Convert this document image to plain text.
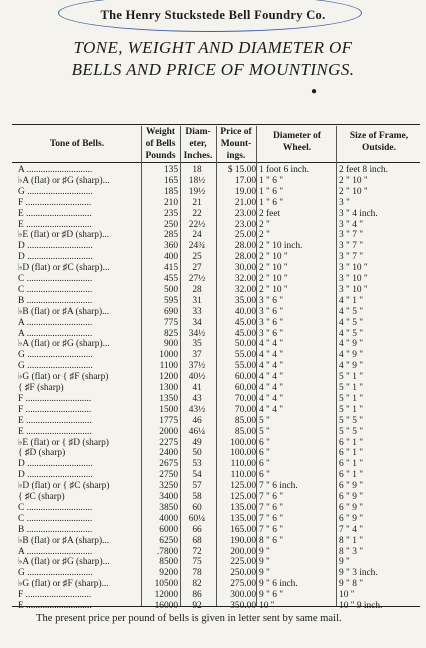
The Henry Stuckstede Bell Foundry Co.
TONE, WEIGHT AND DIAMETER OF
BELLS AND PRICE OF MOUNTINGS.
●
Tone of Bells.
Weight of Bells Pounds
Diam- eter, Inches.
Price of Mount- ings.
Diameter of Wheel.
Size of Frame, Outside.
A ............................	135	18	$ 15.00 1 foot 6 inch.	2 feet 8 inch.
♭A (flat) or ♯G (sharp)...	165	18½	17.00 1 " 6 "	2 " 10 "
G ............................	185	19½	19.00 1 " 6 "	2 " 10 "
F ............................	210	21	21.00 1 " 6 "	3 "
E ............................	235	22	23.00 2 feet	3 " 4 inch.
E ............................	250	22½	23.00 2 "	3 " 4 "
♭E (flat) or ♯D (sharp)...	285	24	25.00 2 "	3 " 7 "
D ............................	360	24¾	28.00 2 " 10 inch.	3 " 7 "
D ............................	400	25	28.00 2 " 10 "	3 " 7 "
♭D (flat) or ♯C (sharp)...	415	27	30.00 2 " 10 "	3 " 10 "
C ............................	455	27½	32.00 2 " 10 "	3 " 10 "
C ............................	500	28	32.00 2 " 10 "	3 " 10 "
B ............................	595	31	35.00 3 " 6 "	4 " 1 "
♭B (flat) or ♯A (sharp)...	690	33	40.00 3 " 6 "	4 " 5 "
A ............................	775	34	45.00 3 " 6 "	4 " 5 "
A ............................	825	34½	45.00 3 " 6 "	4 " 5 "
♭A (flat) or ♯G (sharp)...	900	35	50.00 4 " 4 "	4 " 9 "
G ............................	1000	37	55.00 4 " 4 "	4 " 9 "
G ............................	1100	37½	55.00 4 " 4 "	4 " 9 "
♭G (flat) or { ♯F (sharp)	1200	40½	60.00 4 " 4 "	5 " 1 "
{ ♯F (sharp)	1300	41	60.00 4 " 4 "	5 " 1 "
F ............................	1350	43	70.00 4 " 4 "	5 " 1 "
F ............................	1500	43½	70.00 4 " 4 "	5 " 1 "
E ............................	1775	46	85.00 5 "	5 " 5 "
E ............................	2000	46¼	85.00 5 "	5 " 5 "
♭E (flat) or { ♯D (sharp)	2275	49	100.00 6 "	6 " 1 "
{ ♯D (sharp)	2400	50	100.00 6 "	6 " 1 "
D ............................	2675	53	110.00 6 "	6 " 1 "
D ............................	2750	54	110.00 6 "	6 " 1 "
♭D (flat) or { ♯C (sharp)	3250	57	125.00 7 " 6 inch.	6 " 9 "
{ ♯C (sharp)	3400	58	125.00 7 " 6 "	6 " 9 "
C ............................	3850	60	135.00 7 " 6 "	6 " 9 "
C ............................	4000	60¼	135.00 7 " 6 "	6 " 9 "
B ............................	6000	66	165.00 7 " 6 "	7 " 4 "
♭B (flat) or ♯A (sharp)...	6250	68	190.00 8 " 6 "	8 " 1 "
A ............................	.7800	72	200.00 9 "	8 " 3 "
♭A (flat) or ♯G (sharp)...	8500	75	225.00 9 "	9 "
G ............................	9200	78	250.00 9 "	9 " 3 inch.
♭G (flat) or ♯F (sharp)...	10500	82	275.00 9 " 6 inch.	9 " 8 "
F ............................	12000	86	300.00 9 " 6 "	10 "
E ............................	16000	92	350.00 10 "	10 " 9 inch.
The present price per pound of bells is given in letter sent by same mail.
